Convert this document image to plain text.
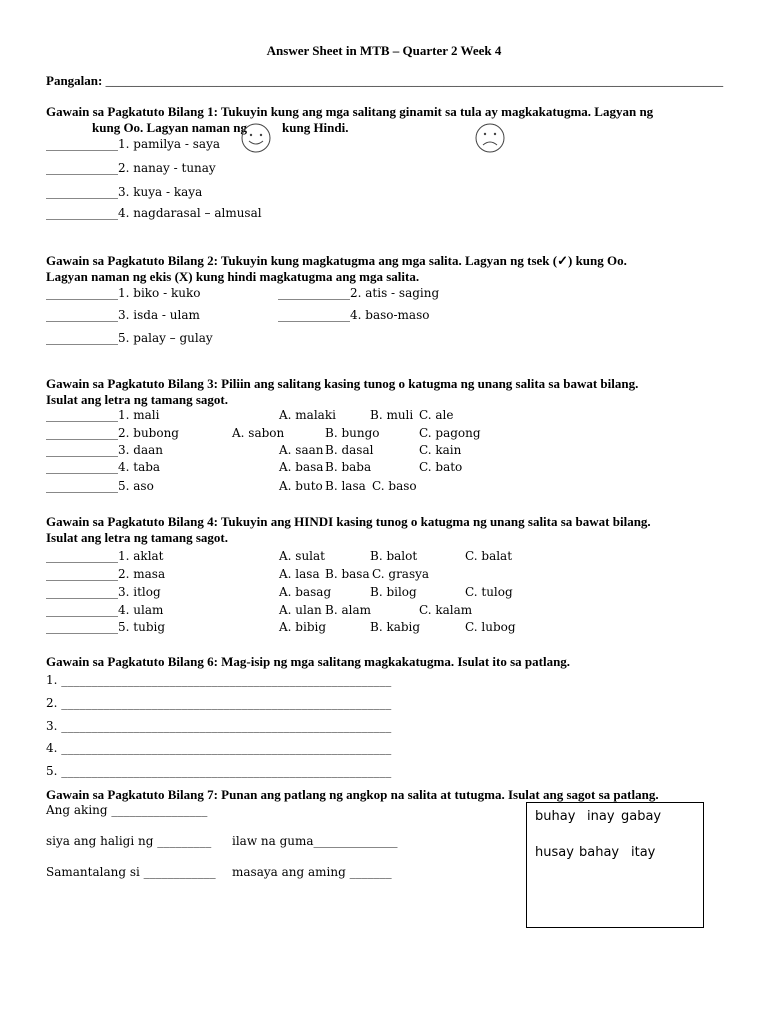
Answer Sheet in MTB – Quarter 2 Week 4
Pangalan: _______________________________________________________________________________________________
Gawain sa Pagkatuto Bilang 1: Tukuyin kung ang mga salitang ginamit sa tula ay magkakatugma. Lagyan ng
kung Oo. Lagyan naman ng	kung Hindi.
____________1. pamilya - saya
____________2. nanay - tunay
____________3. kuya - kaya
____________4. nagdarasal – almusal
Gawain sa Pagkatuto Bilang 2: Tukuyin kung magkatugma ang mga salita. Lagyan ng tsek (✓) kung Oo.
Lagyan naman ng ekis (X) kung hindi magkatugma ang mga salita.
____________1. biko - kuko	____________2. atis - saging
____________3. isda - ulam	____________4. baso-maso
____________5. palay – gulay
Gawain sa Pagkatuto Bilang 3: Piliin ang salitang kasing tunog o katugma ng unang salita sa bawat bilang.
Isulat ang letra ng tamang sagot.
____________1. mali	A. malaki	B. muli C. ale
____________2. bubong	A. sabon	B. bungo	C. pagong
____________3. daan	A. saan B. dasal	C. kain
____________4. taba	A. basa B. baba	C. bato
____________5. aso	A. buto B. lasa C. baso
Gawain sa Pagkatuto Bilang 4: Tukuyin ang HINDI kasing tunog o katugma ng unang salita sa bawat bilang.
Isulat ang letra ng tamang sagot.
____________1. aklat	A. sulat	B. balot	C. balat
____________2. masa	A. lasa B. basa C. grasya
____________3. itlog	A. basag	B. bilog	C. tulog
____________4. ulam	A. ulan B. alam	C. kalam
____________5. tubig	A. bibig	B. kabig	C. lubog
Gawain sa Pagkatuto Bilang 6: Mag-isip ng mga salitang magkakatugma. Isulat ito sa patlang.
1. _______________________________________________________
2. _______________________________________________________
3. _______________________________________________________
4. _______________________________________________________
5. _______________________________________________________
Gawain sa Pagkatuto Bilang 7: Punan ang patlang ng angkop na salita at tutugma. Isulat ang sagot sa patlang.
Ang aking ________________
siya ang haligi ng _________ ilaw na guma______________
Samantalang si ____________ masaya ang aming _______
buhay inay gabay
husay bahay itay
